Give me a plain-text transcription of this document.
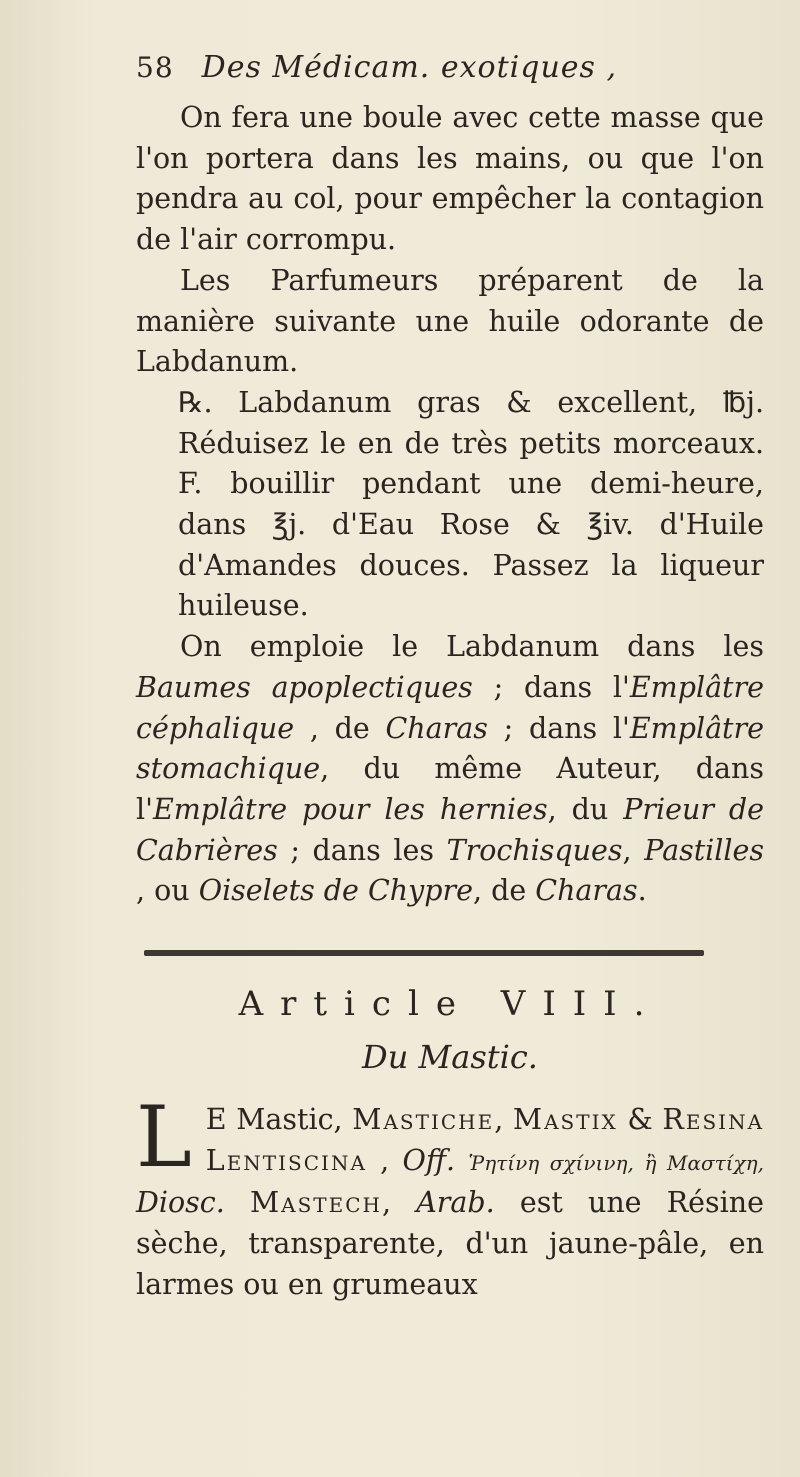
58 Des Médicam. exotiques ,

On fera une boule avec cette masse que l'on portera dans les mains, ou que l'on pendra au col, pour empêcher la contagion de l'air corrompu.

Les Parfumeurs préparent de la manière suivante une huile odorante de Labdanum.

℞. Labdanum gras & excellent, ℔j. Réduisez le en de très petits morceaux. F. bouillir pendant une demi-heure, dans ℥j. d'Eau Rose & ℥iv. d'Huile d'Amandes douces. Passez la liqueur huileuse.

On emploie le Labdanum dans les Baumes apoplectiques ; dans l'Emplâtre céphalique , de Charas ; dans l'Emplâtre stomachique, du même Auteur, dans l'Emplâtre pour les hernies, du Prieur de Cabrières ; dans les Trochisques, Pastilles , ou Oiselets de Chypre, de Charas.

Article VIII.

Du Mastic.

L E Mastic, Mastiche, Mastix & Resina Lentiscina , Off. Ῥητίνη σχίνινη, ἢ Μαστίχη, Diosc. Mastech, Arab. est une Résine sèche, transparente, d'un jaune-pâle, en larmes ou en grumeaux
